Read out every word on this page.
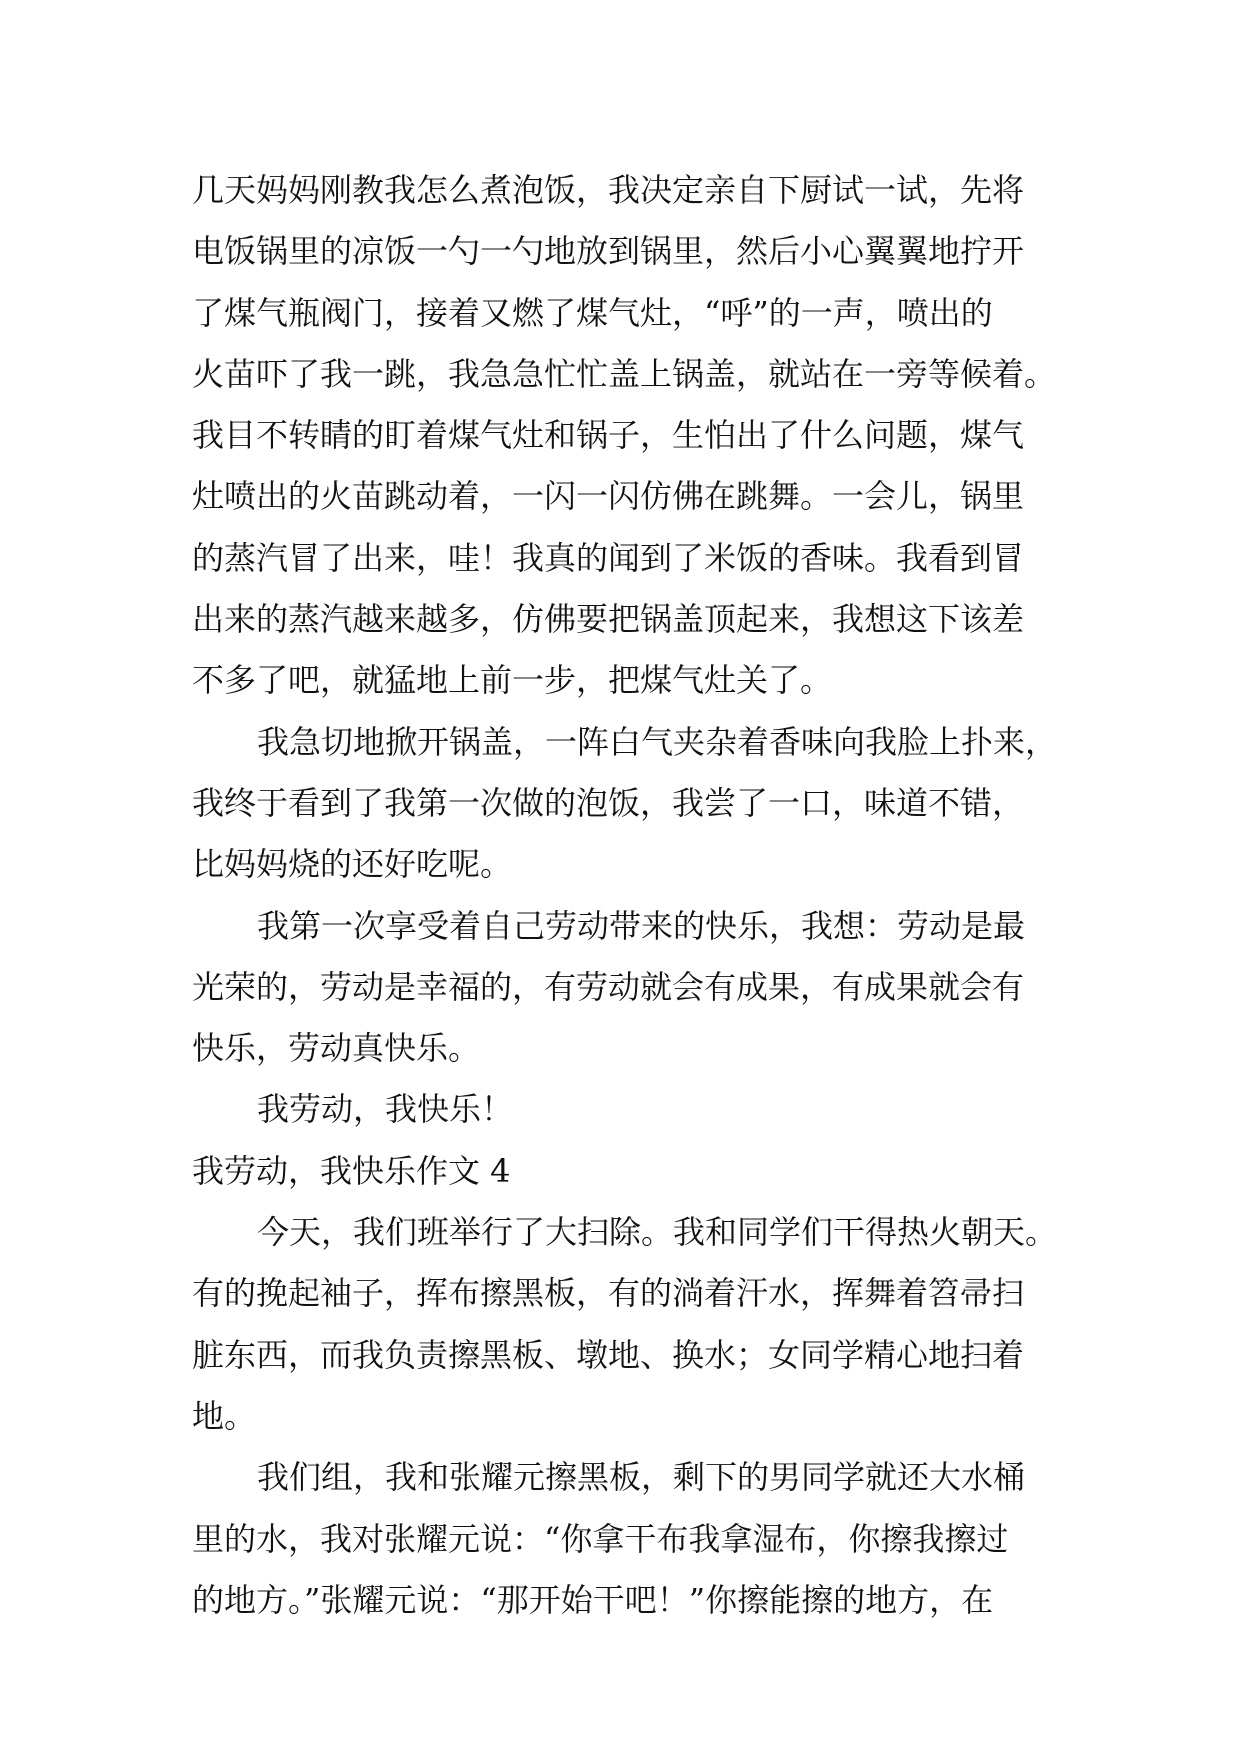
几天妈妈刚教我怎么煮泡饭，我决定亲自下厨试一试，先将
电饭锅里的凉饭一勺一勺地放到锅里，然后小心翼翼地拧开
了煤气瓶阀门，接着又燃了煤气灶，“呼”的一声，喷出的
火苗吓了我一跳，我急急忙忙盖上锅盖，就站在一旁等候着。
我目不转睛的盯着煤气灶和锅子，生怕出了什么问题，煤气
灶喷出的火苗跳动着，一闪一闪仿佛在跳舞。一会儿，锅里
的蒸汽冒了出来，哇！我真的闻到了米饭的香味。我看到冒
出来的蒸汽越来越多，仿佛要把锅盖顶起来，我想这下该差
不多了吧，就猛地上前一步，把煤气灶关了。
我急切地掀开锅盖，一阵白气夹杂着香味向我脸上扑来，
我终于看到了我第一次做的泡饭，我尝了一口，味道不错，
比妈妈烧的还好吃呢。
我第一次享受着自己劳动带来的快乐，我想：劳动是最
光荣的，劳动是幸福的，有劳动就会有成果，有成果就会有
快乐，劳动真快乐。
我劳动，我快乐！
我劳动，我快乐作文 4
今天，我们班举行了大扫除。我和同学们干得热火朝天。
有的挽起袖子，挥布擦黑板，有的淌着汗水，挥舞着笤帚扫
脏东西，而我负责擦黑板、墩地、换水；女同学精心地扫着
地。
我们组，我和张耀元擦黑板，剩下的男同学就还大水桶
里的水，我对张耀元说：“你拿干布我拿湿布，你擦我擦过
的地方。”张耀元说：“那开始干吧！”你擦能擦的地方，在
